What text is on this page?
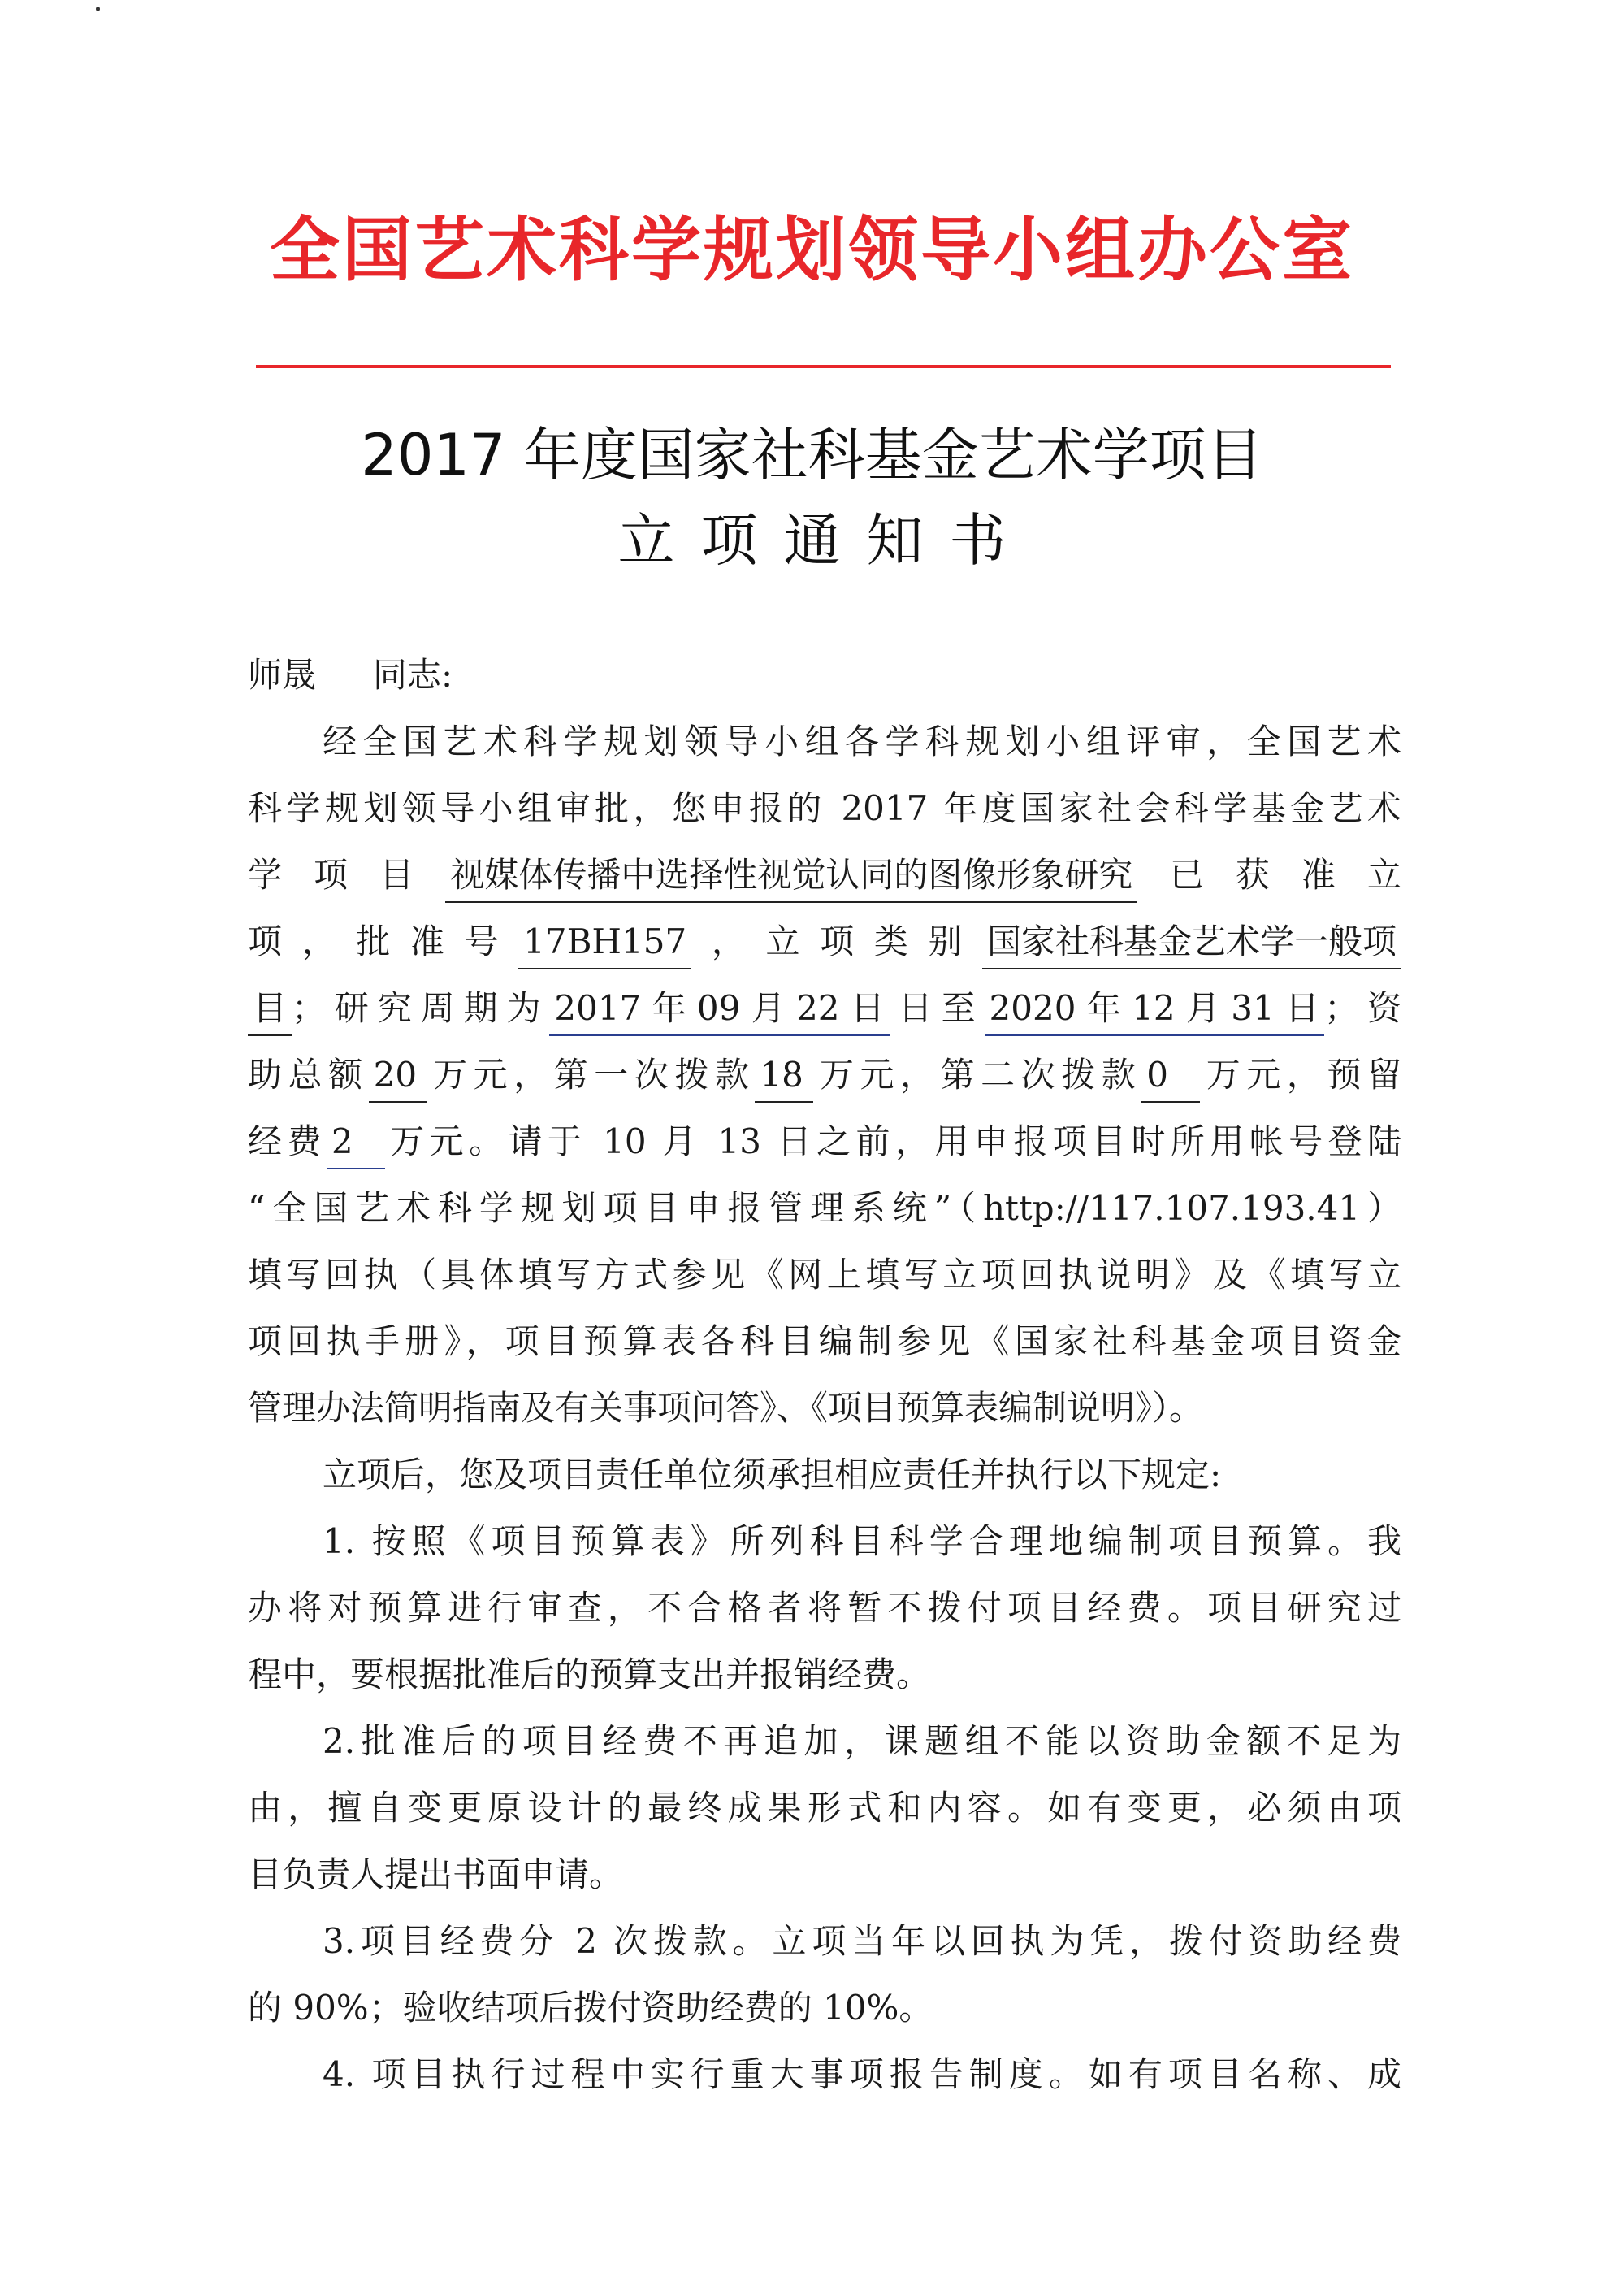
全国艺术科学规划领导小组办公室
2017 年度国家社科基金艺术学项目
立项通知书
师晟 同志:
经全国艺术科学规划领导小组各学科规划小组评审，全国艺术
科学规划领导小组审批，您申报的 2017 年度国家社会科学基金艺术
学项目 视媒体传播中选择性视觉认同的图像形象研究 已获准立
项，批准号 17BH157 ，立项类别 国家社科基金艺术学一般项
目 ；研究周期为 2017 年 09 月 22 日 日至 2020 年 12 月 31 日 ；资
助总额 20 万元，第一次拨款 18 万元，第二次拨款 0 万元，预留
经费 2 万元。请于 10 月 13 日之前，用申报项目时所用帐号登陆
“全国艺术科学规划项目申报管理系统”（http://117.107.193.41）
填写回执（具体填写方式参见《网上填写立项回执说明》及《填写立
项回执手册》，项目预算表各科目编制参见《国家社科基金项目资金
管理办法简明指南及有关事项问答》、《项目预算表编制说明》）。
立项后，您及项目责任单位须承担相应责任并执行以下规定:
1. 按照《项目预算表》所列科目科学合理地编制项目预算。我
办将对预算进行审查，不合格者将暂不拨付项目经费。项目研究过
程中，要根据批准后的预算支出并报销经费。
2.批准后的项目经费不再追加，课题组不能以资助金额不足为
由，擅自变更原设计的最终成果形式和内容。如有变更，必须由项
目负责人提出书面申请。
3.项目经费分 2 次拨款。立项当年以回执为凭，拨付资助经费
的 90%；验收结项后拨付资助经费的 10%。
4. 项目执行过程中实行重大事项报告制度。如有项目名称、成
